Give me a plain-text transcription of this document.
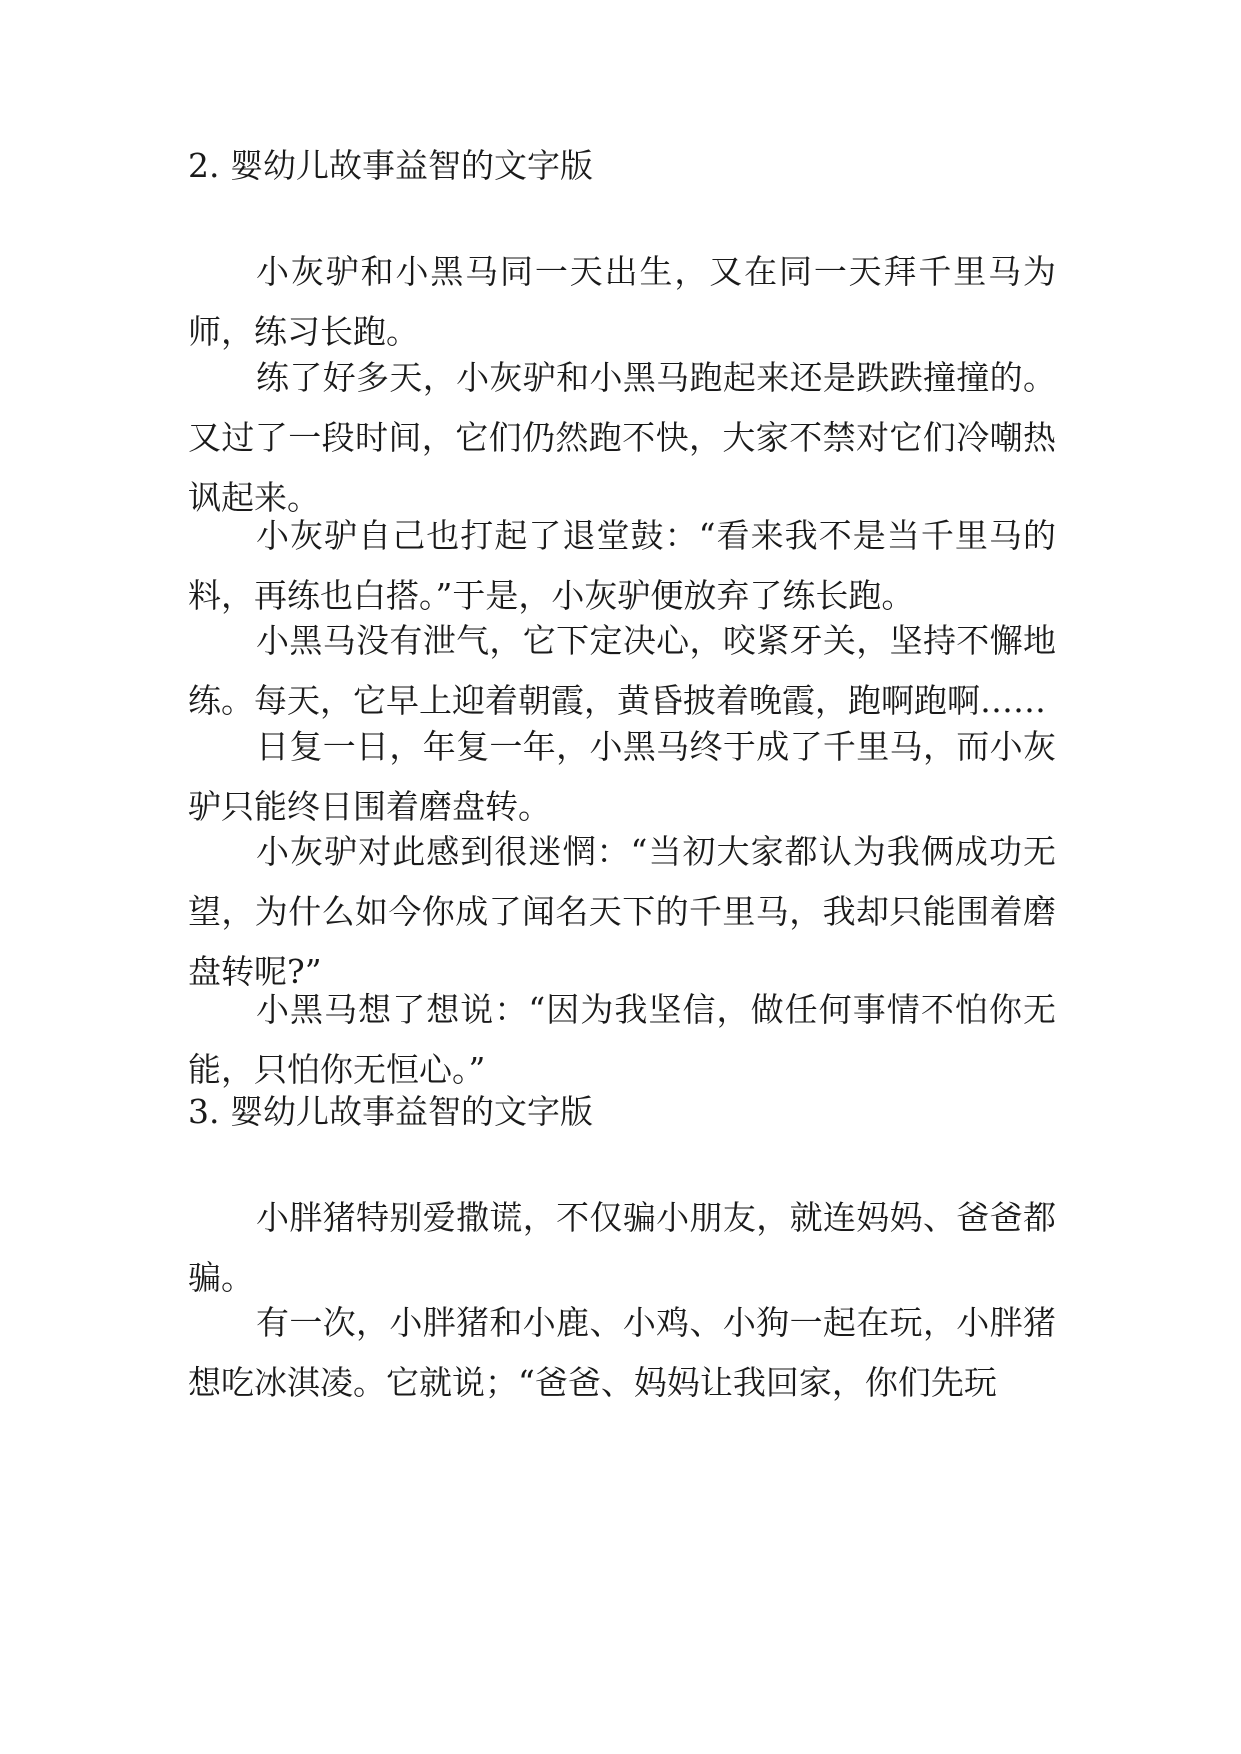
2. 婴幼儿故事益智的文字版

小灰驴和小黑马同一天出生，又在同一天拜千里马为师，练习长跑。

练了好多天，小灰驴和小黑马跑起来还是跌跌撞撞的。又过了一段时间，它们仍然跑不快，大家不禁对它们冷嘲热讽起来。

小灰驴自己也打起了退堂鼓：“看来我不是当千里马的料，再练也白搭。”于是，小灰驴便放弃了练长跑。

小黑马没有泄气，它下定决心，咬紧牙关，坚持不懈地练。每天，它早上迎着朝霞，黄昏披着晚霞，跑啊跑啊……

日复一日，年复一年，小黑马终于成了千里马，而小灰驴只能终日围着磨盘转。

小灰驴对此感到很迷惘：“当初大家都认为我俩成功无望，为什么如今你成了闻名天下的千里马，我却只能围着磨盘转呢?”

小黑马想了想说：“因为我坚信，做任何事情不怕你无能，只怕你无恒心。”

3. 婴幼儿故事益智的文字版

小胖猪特别爱撒谎，不仅骗小朋友，就连妈妈、爸爸都骗。

有一次，小胖猪和小鹿、小鸡、小狗一起在玩，小胖猪想吃冰淇凌。它就说；“爸爸、妈妈让我回家，你们先玩
